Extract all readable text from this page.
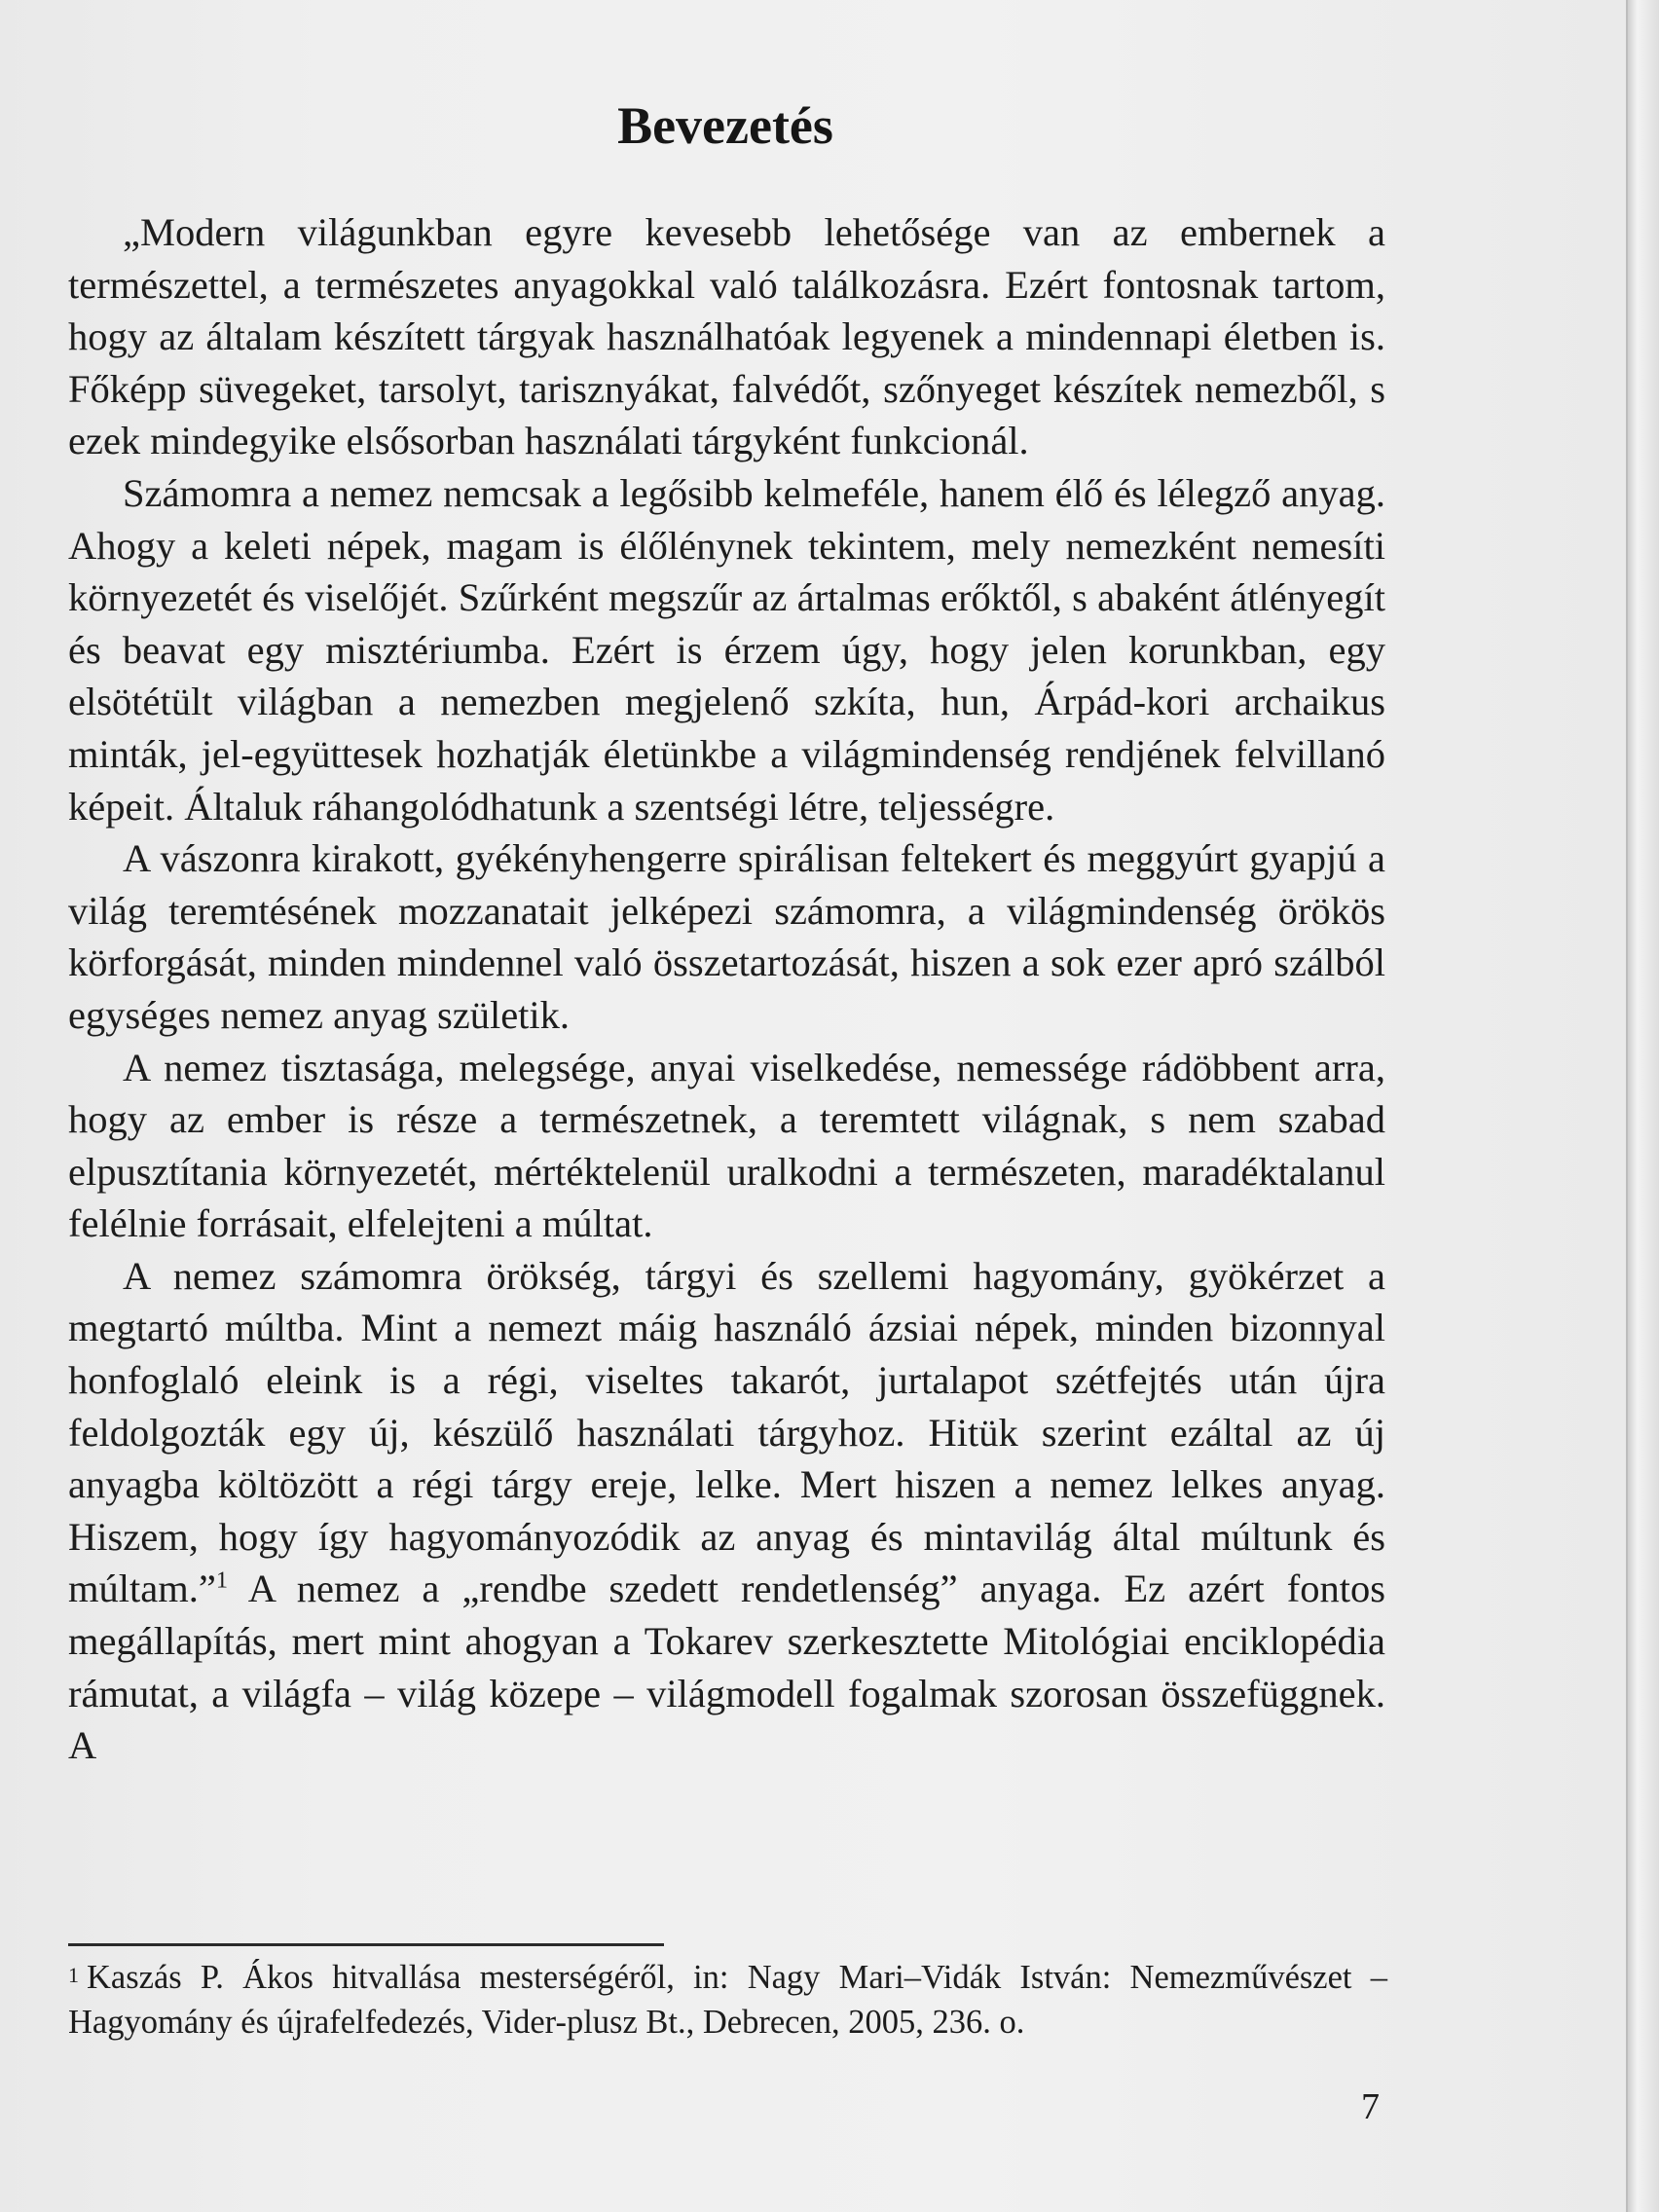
Bevezetés

„Modern világunkban egyre kevesebb lehetősége van az embernek a természettel, a természetes anyagokkal való találkozásra. Ezért fontosnak tartom, hogy az általam készített tárgyak használhatóak legyenek a mindennapi életben is. Főképp süvegeket, tarsolyt, tarisznyákat, falvédőt, szőnyeget készítek nemezből, s ezek mindegyike elsősorban használati tárgyként funkcionál.

Számomra a nemez nemcsak a legősibb kelmeféle, hanem élő és lélegző anyag. Ahogy a keleti népek, magam is élőlénynek tekintem, mely nemezként nemesíti környezetét és viselőjét. Szűrként megszűr az ártalmas erőktől, s abaként átlényegít és beavat egy misztériumba. Ezért is érzem úgy, hogy jelen korunkban, egy elsötétült világban a nemezben megjelenő szkíta, hun, Árpád-kori archaikus minták, jel-együttesek hozhatják életünkbe a világmindenség rendjének felvillanó képeit. Általuk ráhangolódhatunk a szentségi létre, teljességre.

A vászonra kirakott, gyékényhengerre spirálisan feltekert és meggyúrt gyapjú a világ teremtésének mozzanatait jelképezi számomra, a világmindenség örökös körforgását, minden mindennel való összetartozását, hiszen a sok ezer apró szálból egységes nemez anyag születik.

A nemez tisztasága, melegsége, anyai viselkedése, nemessége rádöbbent arra, hogy az ember is része a természetnek, a teremtett világnak, s nem szabad elpusztítania környezetét, mértéktelenül uralkodni a természeten, maradéktalanul felélnie forrásait, elfelejteni a múltat.

A nemez számomra örökség, tárgyi és szellemi hagyomány, gyökérzet a megtartó múltba. Mint a nemezt máig használó ázsiai népek, minden bizonnyal honfoglaló eleink is a régi, viseltes takarót, jurtalapot szétfejtés után újra feldolgozták egy új, készülő használati tárgyhoz. Hitük szerint ezáltal az új anyagba költözött a régi tárgy ereje, lelke. Mert hiszen a nemez lelkes anyag. Hiszem, hogy így hagyományozódik az anyag és mintavilág által múltunk és múltam.”$^1$ A nemez a „rendbe szedett rendetlenség” anyaga. Ez azért fontos megállapítás, mert mint ahogyan a Tokarev szerkesztette Mitológiai enciklopédia rámutat, a világfa – világ közepe – világmodell fogalmak szorosan összefüggnek. A

$^1$ Kaszás P. Ákos hitvallása mesterségéről, in: Nagy Mari–Vidák István: Nemezművészet – Hagyomány és újrafelfedezés, Vider-plusz Bt., Debrecen, 2005, 236. o.

7
